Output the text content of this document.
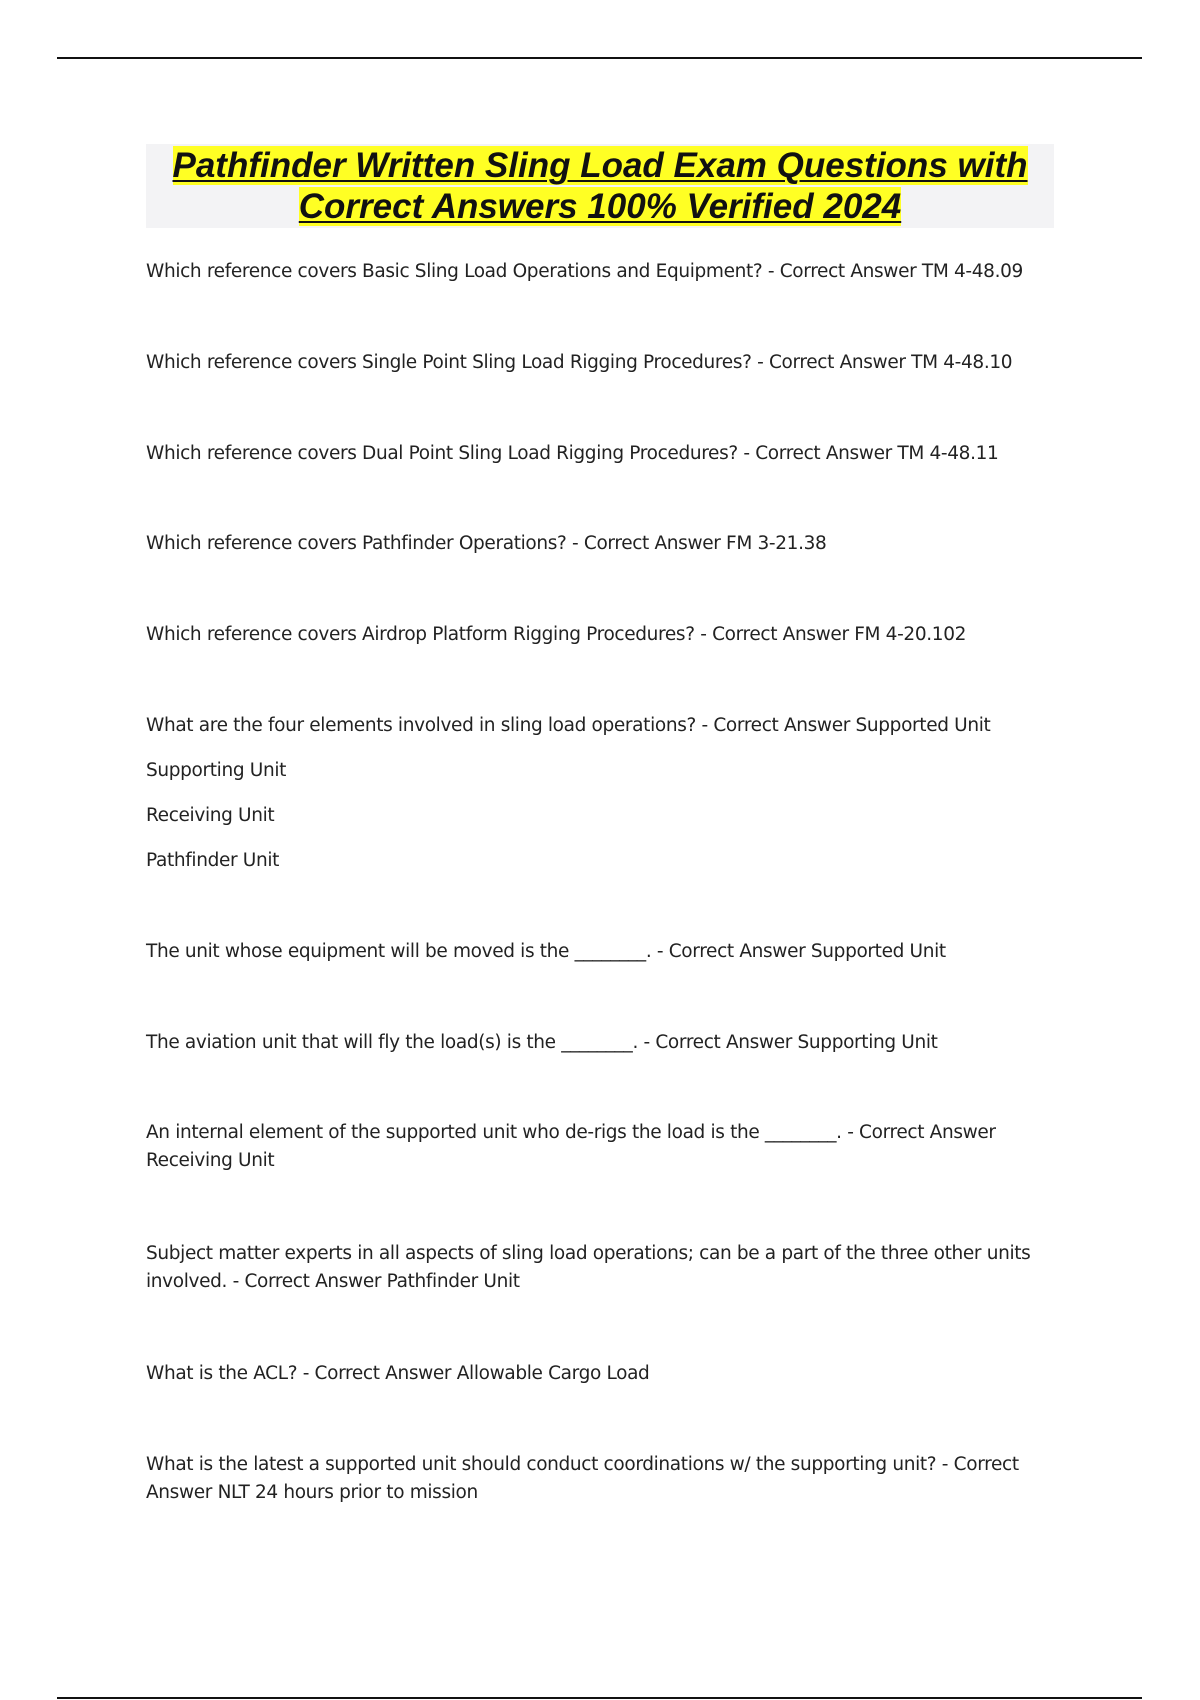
Pathfinder Written Sling Load Exam Questions with Correct Answers 100% Verified 2024

Which reference covers Basic Sling Load Operations and Equipment? - Correct Answer TM 4-48.09

Which reference covers Single Point Sling Load Rigging Procedures? - Correct Answer TM 4-48.10

Which reference covers Dual Point Sling Load Rigging Procedures? - Correct Answer TM 4-48.11

Which reference covers Pathfinder Operations? - Correct Answer FM 3-21.38

Which reference covers Airdrop Platform Rigging Procedures? - Correct Answer FM 4-20.102

What are the four elements involved in sling load operations? - Correct Answer Supported Unit
Supporting Unit
Receiving Unit
Pathfinder Unit

The unit whose equipment will be moved is the ________. - Correct Answer Supported Unit

The aviation unit that will fly the load(s) is the ________. - Correct Answer Supporting Unit

An internal element of the supported unit who de-rigs the load is the ________. - Correct Answer Receiving Unit

Subject matter experts in all aspects of sling load operations; can be a part of the three other units involved. - Correct Answer Pathfinder Unit

What is the ACL? - Correct Answer Allowable Cargo Load

What is the latest a supported unit should conduct coordinations w/ the supporting unit? - Correct Answer NLT 24 hours prior to mission
